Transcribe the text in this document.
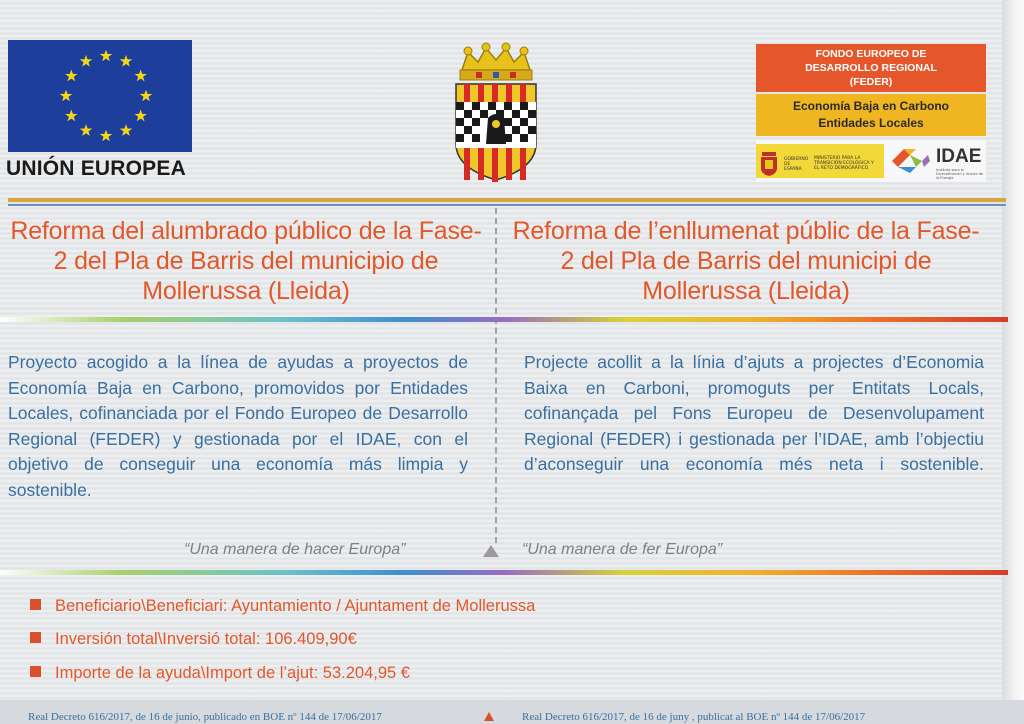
UNIÓN EUROPEA
FONDO EUROPEO DE
DESARROLLO REGIONAL
(FEDER)
Economía Baja en Carbono
Entidades Locales
GOBIERNO DE ESPAÑA
MINISTERIO PARA LA TRANSICIÓN ECOLÓGICA Y EL RETO DEMOGRÁFICO
IDAE
Instituto para la Diversificación y Ahorro de la Energía
Reforma del alumbrado público de la Fase-2 del Pla de Barris del municipio de Mollerussa (Lleida)
Reforma de l’enllumenat públic de la Fase-2 del Pla de Barris del municipi de Mollerussa (Lleida)
Proyecto acogido a la línea de ayudas a proyectos de Economía Baja en Carbono, promovidos por Entidades Locales, cofinanciada por el Fondo Europeo de Desarrollo Regional (FEDER) y gestionada por el IDAE, con el objetivo de conseguir una economía más limpia y sostenible.
Projecte acollit a la línia d’ajuts a projectes d’Economia Baixa en Carboni, promoguts per Entitats Locals, cofinançada pel Fons Europeu de Desenvolupament Regional (FEDER) i gestionada per l’IDAE, amb l’objectiu d’aconseguir una economía més neta i sostenible.
“Una manera de hacer Europa”	“Una manera de fer Europa”
Beneficiario\Beneficiari: Ayuntamiento / Ajuntament de Mollerussa
Inversión total\Inversió total: 106.409,90€
Importe de la ayuda\Import de l’ajut: 53.204,95 €
Real Decreto 616/2017, de 16 de junio, publicado en BOE nº 144 de 17/06/2017	Real Decreto 616/2017, de 16 de juny , publicat al BOE nº 144 de 17/06/2017
